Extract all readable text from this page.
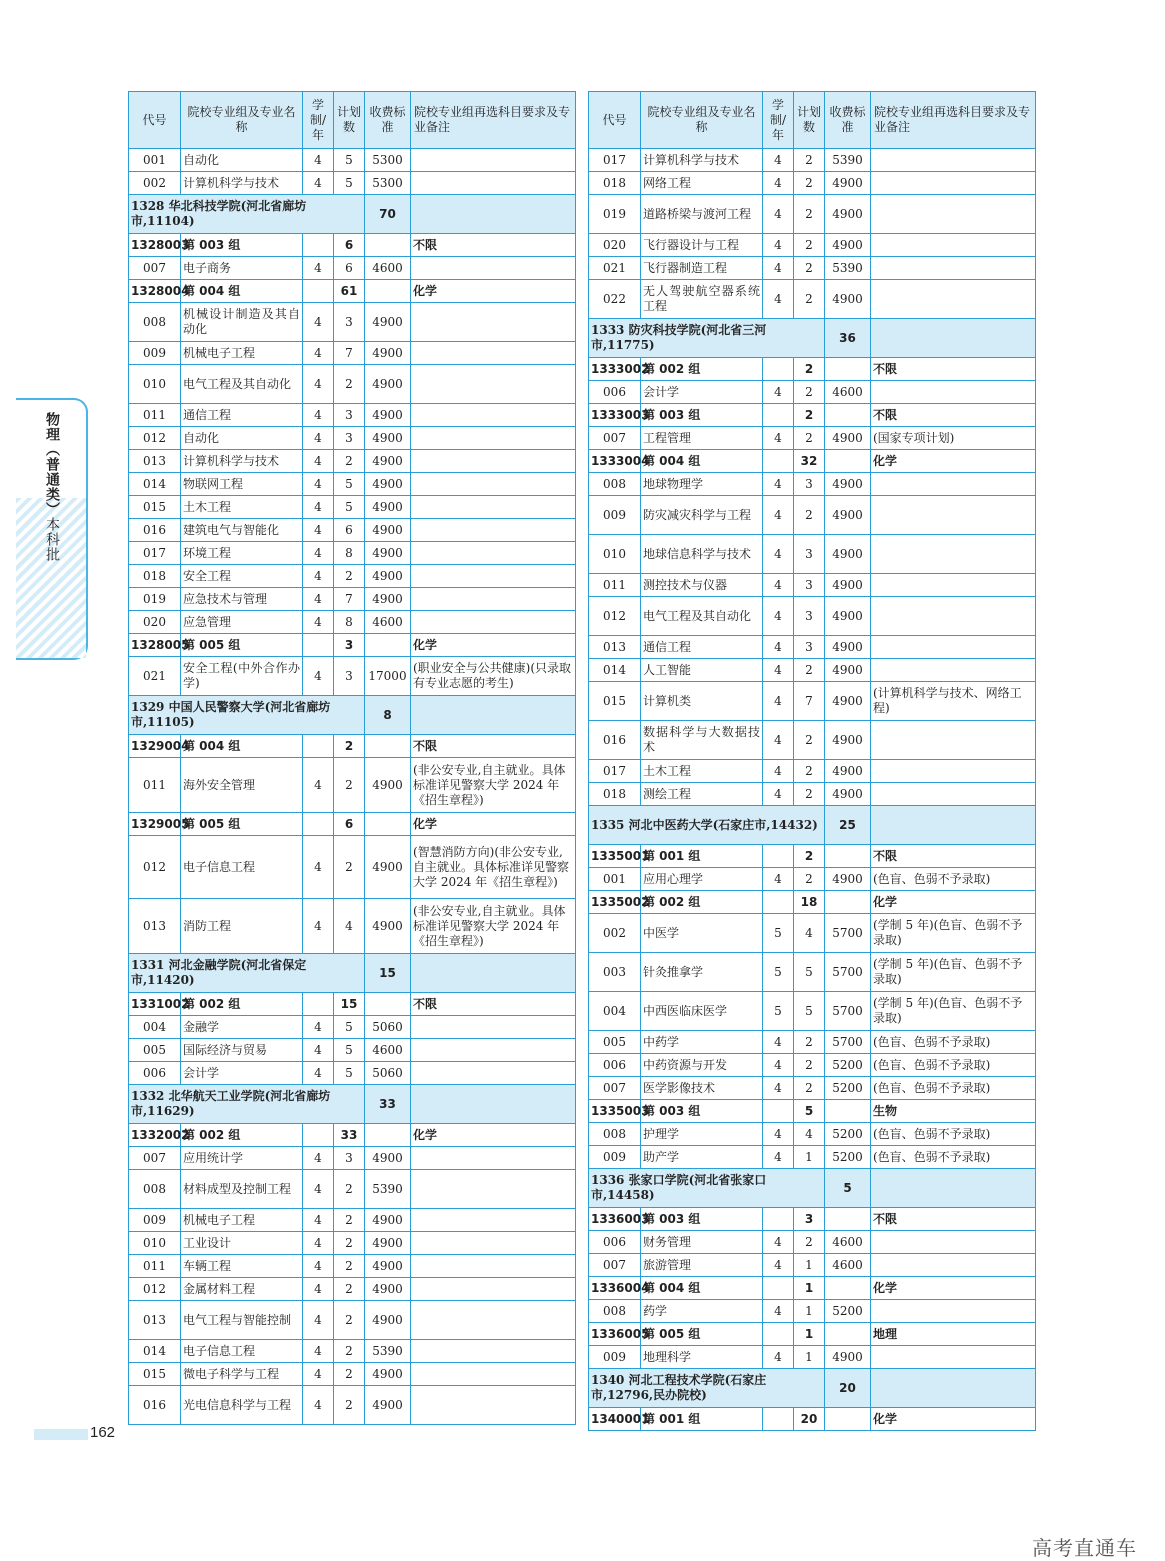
物理（普通类）本科批
代号	院校专业组及专业名称	学制/年	计划数	收费标准	院校专业组再选科目要求及专业备注
001	自动化	4	5	5300	
002	计算机科学与技术	4	5	5300	
1328 华北科技学院(河北省廊坊市,11104)				70	
1328003	第 003 组		6		不限
007	电子商务	4	6	4600	
1328004	第 004 组		61		化学
008	机械设计制造及其自动化	4	3	4900	
009	机械电子工程	4	7	4900	
010	电气工程及其自动化	4	2	4900	
011	通信工程	4	3	4900	
012	自动化	4	3	4900	
013	计算机科学与技术	4	2	4900	
014	物联网工程	4	5	4900	
015	土木工程	4	5	4900	
016	建筑电气与智能化	4	6	4900	
017	环境工程	4	8	4900	
018	安全工程	4	2	4900	
019	应急技术与管理	4	7	4900	
020	应急管理	4	8	4600	
1328005	第 005 组		3		化学
021	安全工程(中外合作办学)	4	3	17000	(职业安全与公共健康)(只录取有专业志愿的考生)
1329 中国人民警察大学(河北省廊坊市,11105)				8	
1329004	第 004 组		2		不限
011	海外安全管理	4	2	4900	(非公安专业,自主就业。具体标准详见警察大学 2024 年《招生章程》)
1329005	第 005 组		6		化学
012	电子信息工程	4	2	4900	(智慧消防方向)(非公安专业,自主就业。具体标准详见警察大学 2024 年《招生章程》)
013	消防工程	4	4	4900	(非公安专业,自主就业。具体标准详见警察大学 2024 年《招生章程》)
1331 河北金融学院(河北省保定市,11420)				15	
1331002	第 002 组		15		不限
004	金融学	4	5	5060	
005	国际经济与贸易	4	5	4600	
006	会计学	4	5	5060	
1332 北华航天工业学院(河北省廊坊市,11629)				33	
1332002	第 002 组		33		化学
007	应用统计学	4	3	4900	
008	材料成型及控制工程	4	2	5390	
009	机械电子工程	4	2	4900	
010	工业设计	4	2	4900	
011	车辆工程	4	2	4900	
012	金属材料工程	4	2	4900	
013	电气工程与智能控制	4	2	4900	
014	电子信息工程	4	2	5390	
015	微电子科学与工程	4	2	4900	
016	光电信息科学与工程	4	2	4900	
代号	院校专业组及专业名称	学制/年	计划数	收费标准	院校专业组再选科目要求及专业备注
017	计算机科学与技术	4	2	5390	
018	网络工程	4	2	4900	
019	道路桥梁与渡河工程	4	2	4900	
020	飞行器设计与工程	4	2	4900	
021	飞行器制造工程	4	2	5390	
022	无人驾驶航空器系统工程	4	2	4900	
1333 防灾科技学院(河北省三河市,11775)				36	
1333002	第 002 组		2		不限
006	会计学	4	2	4600	
1333003	第 003 组		2		不限
007	工程管理	4	2	4900	(国家专项计划)
1333004	第 004 组		32		化学
008	地球物理学	4	3	4900	
009	防灾减灾科学与工程	4	2	4900	
010	地球信息科学与技术	4	3	4900	
011	测控技术与仪器	4	3	4900	
012	电气工程及其自动化	4	3	4900	
013	通信工程	4	3	4900	
014	人工智能	4	2	4900	
015	计算机类	4	7	4900	(计算机科学与技术、网络工程)
016	数据科学与大数据技术	4	2	4900	
017	土木工程	4	2	4900	
018	测绘工程	4	2	4900	
1335 河北中医药大学(石家庄市,14432)				25	
1335001	第 001 组		2		不限
001	应用心理学	4	2	4900	(色盲、色弱不予录取)
1335002	第 002 组		18		化学
002	中医学	5	4	5700	(学制 5 年)(色盲、色弱不予录取)
003	针灸推拿学	5	5	5700	(学制 5 年)(色盲、色弱不予录取)
004	中西医临床医学	5	5	5700	(学制 5 年)(色盲、色弱不予录取)
005	中药学	4	2	5700	(色盲、色弱不予录取)
006	中药资源与开发	4	2	5200	(色盲、色弱不予录取)
007	医学影像技术	4	2	5200	(色盲、色弱不予录取)
1335003	第 003 组		5		生物
008	护理学	4	4	5200	(色盲、色弱不予录取)
009	助产学	4	1	5200	(色盲、色弱不予录取)
1336 张家口学院(河北省张家口市,14458)				5	
1336003	第 003 组		3		不限
006	财务管理	4	2	4600	
007	旅游管理	4	1	4600	
1336004	第 004 组		1		化学
008	药学	4	1	5200	
1336005	第 005 组		1		地理
009	地理科学	4	1	4900	
1340 河北工程技术学院(石家庄市,12796,民办院校)				20	
1340001	第 001 组		20		化学
162
高考直通车
